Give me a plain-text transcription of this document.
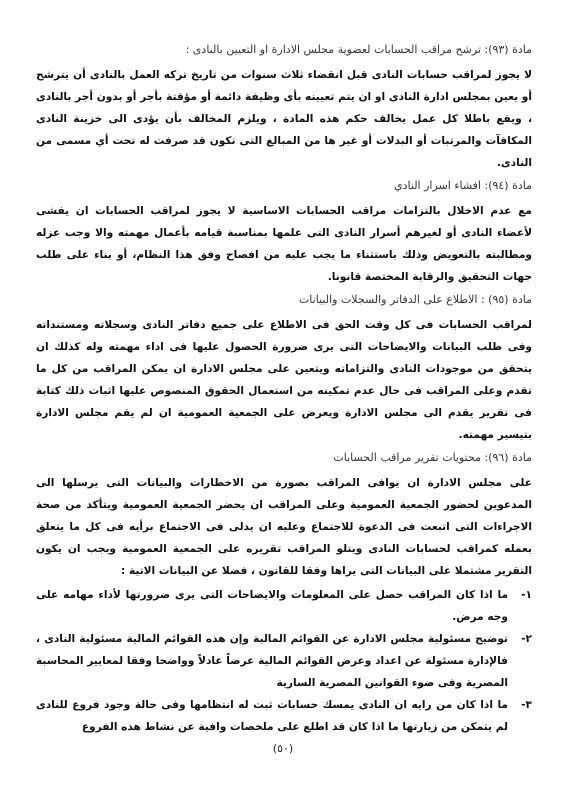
مادة (٩٣): ترشح مراقب الحسابات لعضوية مجلس الادارة او التعيين بالنادى :

لا يجوز لمراقب حسابات النادى قبل انقضاء ثلاث سنوات من تاريخ تركه العمل بالنادى أن يترشح أو يعين بمجلس ادارة النادى او ان يتم تعيينه بأى وظيفة دائمة أو مؤقتة بأجر أو بدون أجر بالنادى ، ويقع باطلا كل عمل يخالف حكم هذه المادة ، ويلزم المخالف بأن يؤدى الى خزينة النادى المكافآت والمرتبات أو البدلات أو غير ها من المبالغ التى تكون قد صرفت له تحت أي مسمى من النادى.

مادة (٩٤): افشاء اسرار النادي

مع عدم الاخلال بالتزامات مراقب الحسابات الاساسية لا يجوز لمراقب الحسابات ان يفشى لأعضاء النادى أو لغيرهم أسرار النادى التى علمها بمناسبة قيامه بأعمال مهمته والا وجب عزله ومطالبته بالتعويض وذلك باستثناء ما يجب عليه من افصاح وفق هذا النظام، أو بناء على طلب جهات التحقيق والرقابة المختصة قانونا.

مادة (٩٥) : الاطلاع على الدفاتر والسجلات والبيانات

لمراقب الحسابات فى كل وقت الحق فى الاطلاع على جميع دفاتر النادى وسجلاته ومستنداته وفى طلب البيانات والايضاحات التى يرى ضرورة الحصول عليها فى اداء مهمته وله كذلك ان يتحقق من موجودات النادى والتزاماته ويتعين على مجلس الادارة ان يمكن المراقب من كل ما تقدم وعلى المراقب فى حال عدم تمكينه من استعمال الحقوق المنصوص عليها اثبات ذلك كتابة فى تقرير يقدم الى مجلس الادارة ويعرض على الجمعية العمومية ان لم يقم مجلس الادارة بتيسير مهمته.

مادة (٩٦): محتويات تقرير مراقب الحسابات

على مجلس الادارة ان يوافى المراقب بصورة من الاخطارات والبيانات التى يرسلها الى المدعوين لحضور الجمعية العمومية وعلى المراقب ان يحضر الجمعية العمومية ويتأكد من صحة الاجراءات التى اتبعت فى الدعوة للاجتماع وعليه ان يدلى فى الاجتماع برأيه فى كل ما يتعلق بعمله كمراقب لحسابات النادى ويتلو المراقب تقريره على الجمعية العمومية ويجب ان يكون التقرير مشتملا على البيانات التى يراها وفقا للقانون ، فضلا عن البيانات الاتية :

١-
ما اذا كان المراقب حصل على المعلومات والايضاحات التى يرى ضرورتها لأداء مهامه على وجه مرض.
٢-
توضيح مسئولية مجلس الادارة عن القوائم المالية وإن هذه القوائم المالية مسئولية النادى ، فالإدارة مسئولة عن اعداد وعرض القوائم المالية عرضاً عادلاً وواضحا وفقا لمعايير المحاسبة المصرية وفى ضوء القوانين المصرية السارية
٣-
ما اذا كان من رايه ان النادى يمسك حسابات ثبت له انتظامها وفى حالة وجود فروع للنادى لم يتمكن من زيارتها ما اذا كان قد اطلع على ملخصات وافية عن نشاط هذه الفروع
(٥٠)
